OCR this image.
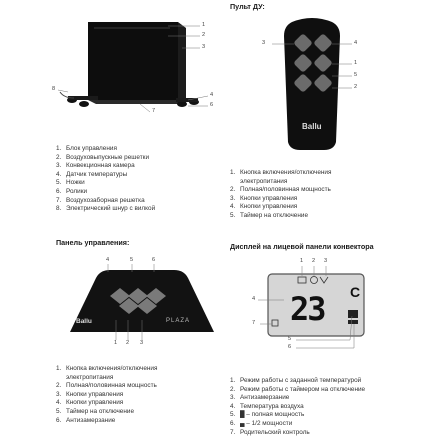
1
2
3
4
6
7
8
Пульт ДУ:
Ballu
3	4
1
5
2
1. Блок управления
2. Воздуховыпускные решетки
3. Конвекционная камера
4. Датчик температуры
5. Ножки
6. Ролики
7. Воздухозаборная решетка
8. Электрический шнур с вилкой
1. Кнопка включения/отключения
электропитания
2. Полная/половинная мощность
3. Кнопки управления
4. Кнопки управления
5. Таймер на отключение
Панель управления:	Дисплей на лицевой панели конвектора
Ballu	PLAZA
4	5	6
1 2 3
23 C
1 2 3
4
7
5
6
1. Кнопка включения/отключения
электропитания
2. Полная/половинная мощность
3. Кнопки управления
4. Кнопки управления
5. Таймер на отключение
6. Антизамерзание
1. Режим работы с заданной температурой
2. Режим работы с таймером на отключение
3. Антизамерзание
4. Температура воздуха
5. █ – полная мощность
6. ▄ – 1/2 мощности
7. Родительский контроль
